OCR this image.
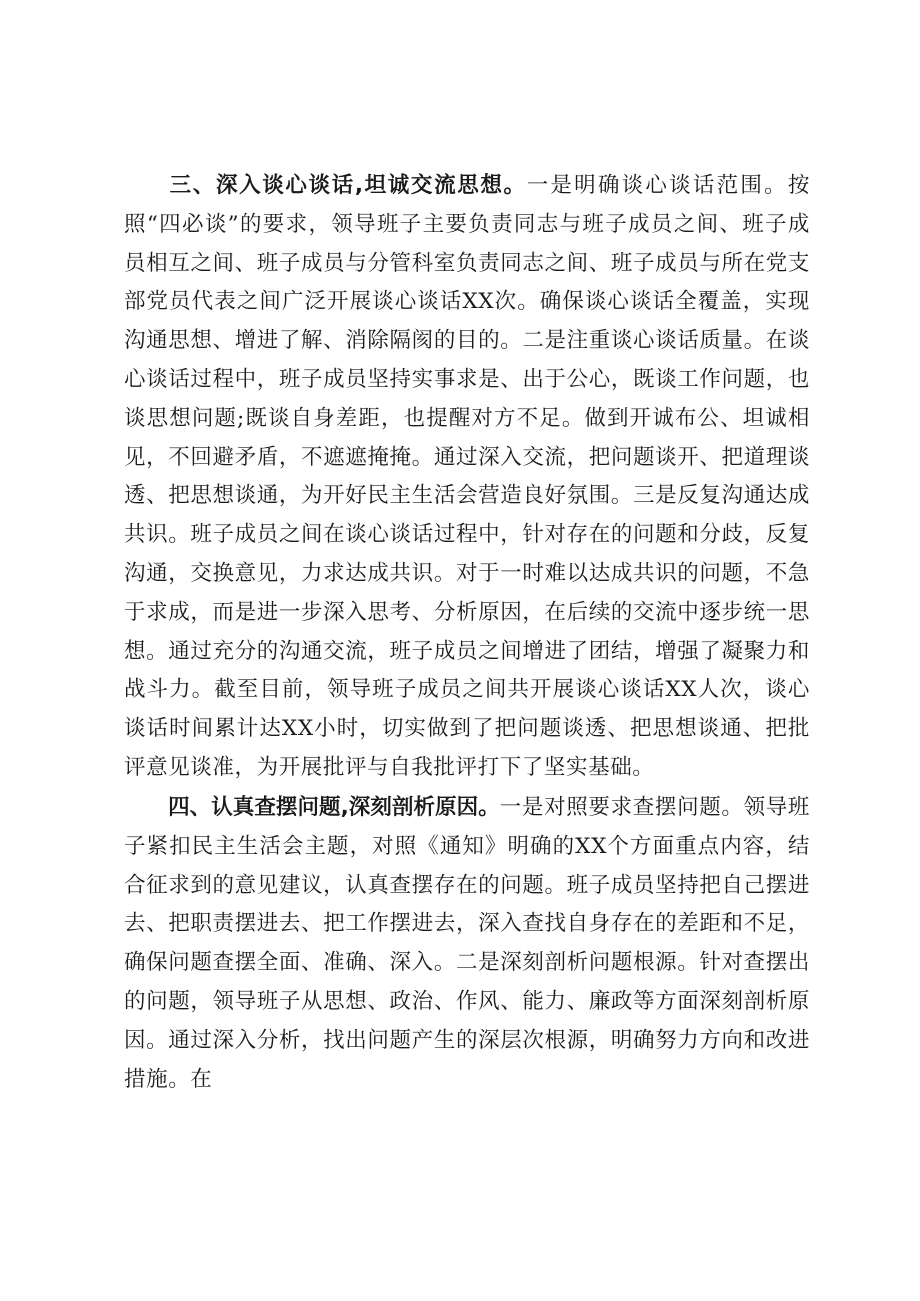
三、深入谈心谈话,坦诚交流思想。一是明确谈心谈话范围。按照“四必谈”的要求，领导班子主要负责同志与班子成员之间、班子成员相互之间、班子成员与分管科室负责同志之间、班子成员与所在党支部党员代表之间广泛开展谈心谈话XX次。确保谈心谈话全覆盖，实现沟通思想、增进了解、消除隔阂的目的。二是注重谈心谈话质量。在谈心谈话过程中，班子成员坚持实事求是、出于公心，既谈工作问题，也谈思想问题;既谈自身差距，也提醒对方不足。做到开诚布公、坦诚相见，不回避矛盾，不遮遮掩掩。通过深入交流，把问题谈开、把道理谈透、把思想谈通，为开好民主生活会营造良好氛围。三是反复沟通达成共识。班子成员之间在谈心谈话过程中，针对存在的问题和分歧，反复沟通，交换意见，力求达成共识。对于一时难以达成共识的问题，不急于求成，而是进一步深入思考、分析原因，在后续的交流中逐步统一思想。通过充分的沟通交流，班子成员之间增进了团结，增强了凝聚力和战斗力。截至目前，领导班子成员之间共开展谈心谈话XX人次，谈心谈话时间累计达XX小时，切实做到了把问题谈透、把思想谈通、把批评意见谈准，为开展批评与自我批评打下了坚实基础。

四、认真查摆问题,深刻剖析原因。一是对照要求查摆问题。领导班子紧扣民主生活会主题，对照《通知》明确的XX个方面重点内容，结合征求到的意见建议，认真查摆存在的问题。班子成员坚持把自己摆进去、把职责摆进去、把工作摆进去，深入查找自身存在的差距和不足，确保问题查摆全面、准确、深入。二是深刻剖析问题根源。针对查摆出的问题，领导班子从思想、政治、作风、能力、廉政等方面深刻剖析原因。通过深入分析，找出问题产生的深层次根源，明确努力方向和改进措施。在
